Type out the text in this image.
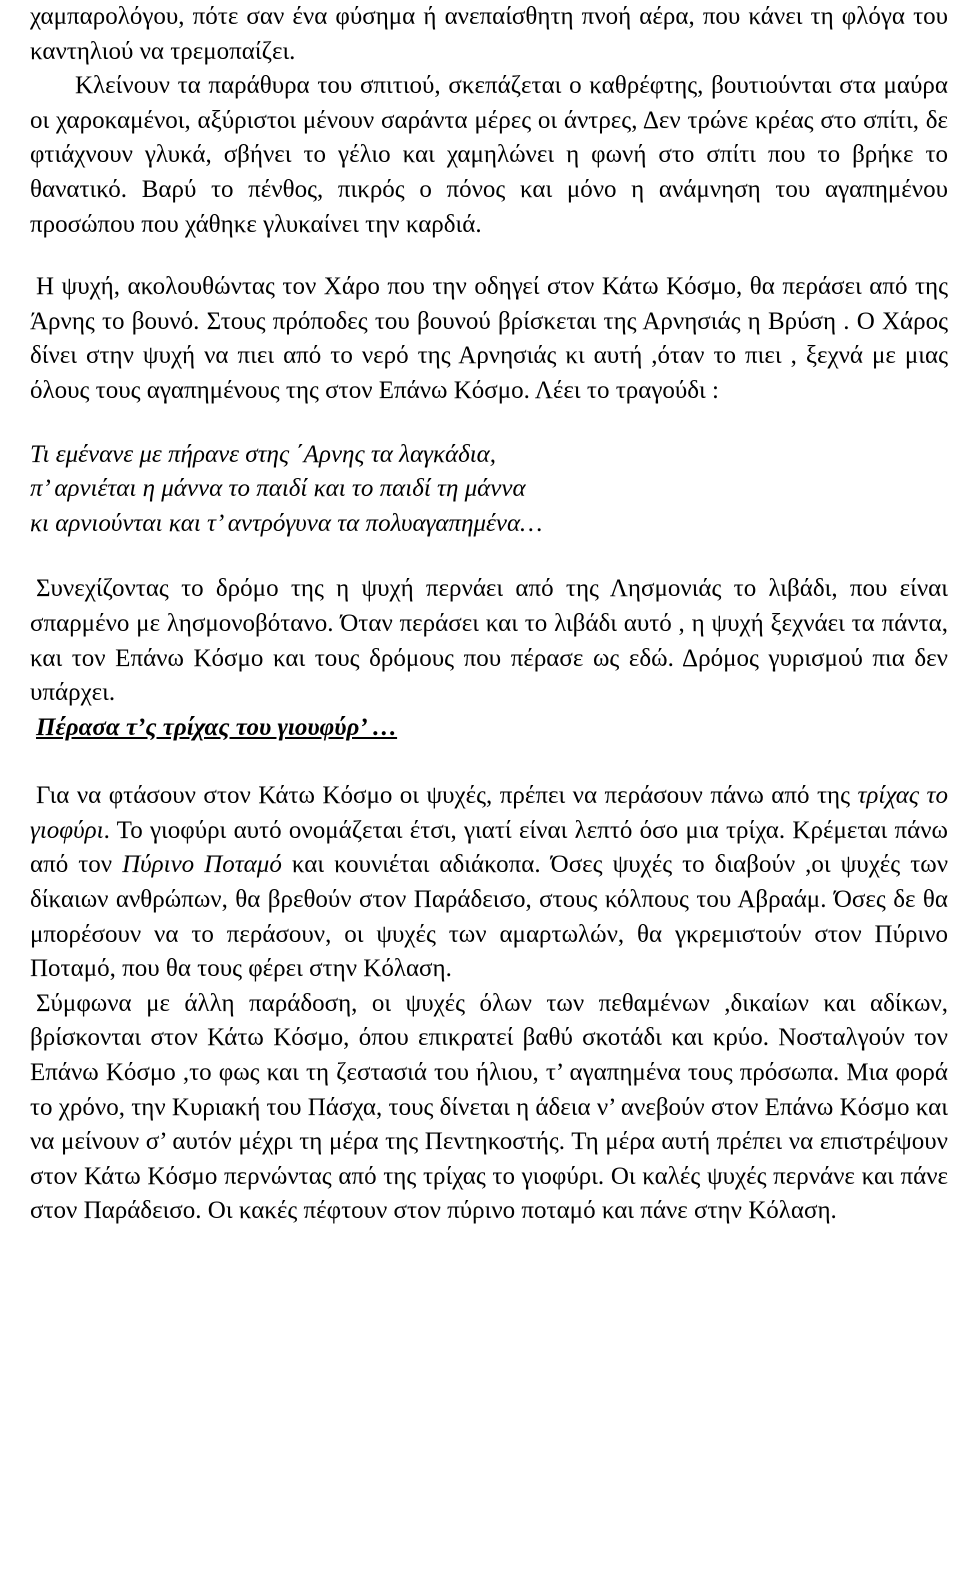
χαμπαρολόγου, πότε σαν ένα φύσημα ή ανεπαίσθητη πνοή αέρα, που κάνει τη φλόγα του καντηλιού να τρεμοπαίζει.

Κλείνουν τα παράθυρα του σπιτιού, σκεπάζεται ο καθρέφτης, βουτιούνται στα μαύρα οι χαροκαμένοι, αξύριστοι μένουν σαράντα μέρες οι άντρες, Δεν τρώνε κρέας στο σπίτι, δε φτιάχνουν γλυκά, σβήνει το γέλιο και χαμηλώνει η φωνή στο σπίτι που το βρήκε το θανατικό. Βαρύ το πένθος, πικρός ο πόνος και μόνο η ανάμνηση του αγαπημένου προσώπου που χάθηκε γλυκαίνει την καρδιά.

Η ψυχή, ακολουθώντας τον Χάρο που την οδηγεί στον Κάτω Κόσμο, θα περάσει από της Άρνης το βουνό. Στους πρόποδες του βουνού βρίσκεται της Αρνησιάς η Βρύση . Ο Χάρος δίνει στην ψυχή να πιει από το νερό της Αρνησιάς κι αυτή ,όταν το πιει , ξεχνά με μιας όλους τους αγαπημένους της στον Επάνω Κόσμο. Λέει το τραγούδι :

Τι εμένανε με πήρανε στης ΄Αρνης τα λαγκάδια,
π’ αρνιέται η μάννα το παιδί και το παιδί τη μάννα
κι αρνιούνται και τ’ αντρόγυνα τα πολυαγαπημένα…

Συνεχίζοντας το δρόμο της η ψυχή περνάει από της Λησμονιάς το λιβάδι, που είναι σπαρμένο με λησμονοβότανο. Όταν περάσει και το λιβάδι αυτό , η ψυχή ξεχνάει τα πάντα, και τον Επάνω Κόσμο και τους δρόμους που πέρασε ως εδώ. Δρόμος γυρισμού πια δεν υπάρχει.

Πέρασα τ’ς τρίχας του γιουφύρ’ …

Για να φτάσουν στον Κάτω Κόσμο οι ψυχές, πρέπει να περάσουν πάνω από της τρίχας το γιοφύρι. Το γιοφύρι αυτό ονομάζεται έτσι, γιατί είναι λεπτό όσο μια τρίχα. Κρέμεται πάνω από τον Πύρινο Ποταμό και κουνιέται αδιάκοπα. Όσες ψυχές το διαβούν ,οι ψυχές των δίκαιων ανθρώπων, θα βρεθούν στον Παράδεισο, στους κόλπους του Αβραάμ. Όσες δε θα μπορέσουν να το περάσουν, οι ψυχές των αμαρτωλών, θα γκρεμιστούν στον Πύρινο Ποταμό, που θα τους φέρει στην Κόλαση.

Σύμφωνα με άλλη παράδοση, οι ψυχές όλων των πεθαμένων ,δικαίων και αδίκων, βρίσκονται στον Κάτω Κόσμο, όπου επικρατεί βαθύ σκοτάδι και κρύο. Νοσταλγούν τον Επάνω Κόσμο ,το φως και τη ζεστασιά του ήλιου, τ’ αγαπημένα τους πρόσωπα. Μια φορά το χρόνο, την Κυριακή του Πάσχα, τους δίνεται η άδεια ν’ ανεβούν στον Επάνω Κόσμο και να μείνουν σ’ αυτόν μέχρι τη μέρα της Πεντηκοστής. Τη μέρα αυτή πρέπει να επιστρέψουν στον Κάτω Κόσμο περνώντας από της τρίχας το γιοφύρι. Οι καλές ψυχές περνάνε και πάνε στον Παράδεισο. Οι κακές πέφτουν στον πύρινο ποταμό και πάνε στην Κόλαση.
